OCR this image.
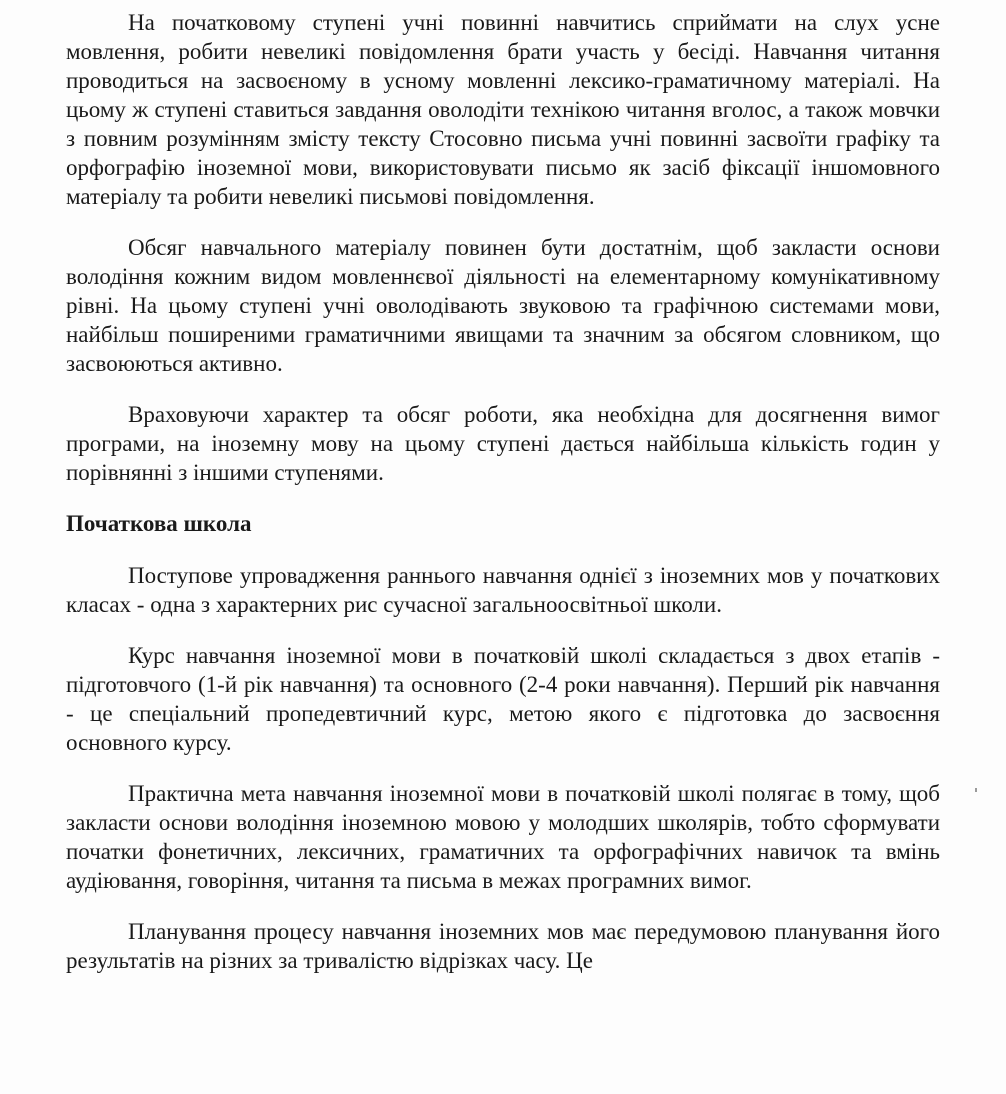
На початковому ступені учні повинні навчитись сприймати на слух усне мовлення, робити невеликі повідомлення брати участь у бесіді. Навчання читання проводиться на засвоєному в усному мовленні лексико-граматичному матеріалі. На цьому ж ступені ставиться завдання оволодіти технікою читання вголос, а також мовчки з повним розумінням змісту тексту Стосовно письма учні повинні засвоїти графіку та орфографію іноземної мови, використовувати письмо як засіб фіксації іншомовного матеріалу та робити невеликі письмові повідомлення.

Обсяг навчального матеріалу повинен бути достатнім, щоб закласти основи володіння кожним видом мовленнєвої діяльності на елементарному комунікативному рівні. На цьому ступені учні оволодівають звуковою та графічною системами мови, найбільш поширеними граматичними явищами та значним за обсягом словником, що засвоюються активно.

Враховуючи характер та обсяг роботи, яка необхідна для досягнення вимог програми, на іноземну мову на цьому ступені дається найбільша кількість годин у порівнянні з іншими ступенями.

Початкова школа

Поступове упровадження раннього навчання однієї з іноземних мов у початкових класах - одна з характерних рис сучасної загальноосвітньої школи.

Курс навчання іноземної мови в початковій школі складається з двох етапів - підготовчого (1-й рік навчання) та основного (2-4 роки навчання). Перший рік навчання - це спеціальний пропедевтичний курс, метою якого є підготовка до засвоєння основного курсу.

Практична мета навчання іноземної мови в початковій школі полягає в тому, щоб закласти основи володіння іноземною мовою у молодших школярів, тобто сформувати початки фонетичних, лексичних, граматичних та орфографічних навичок та вмінь аудіювання, говоріння, читання та письма в межах програмних вимог.

Планування процесу навчання іноземних мов має передумовою планування його результатів на різних за тривалістю відрізках часу. Це
